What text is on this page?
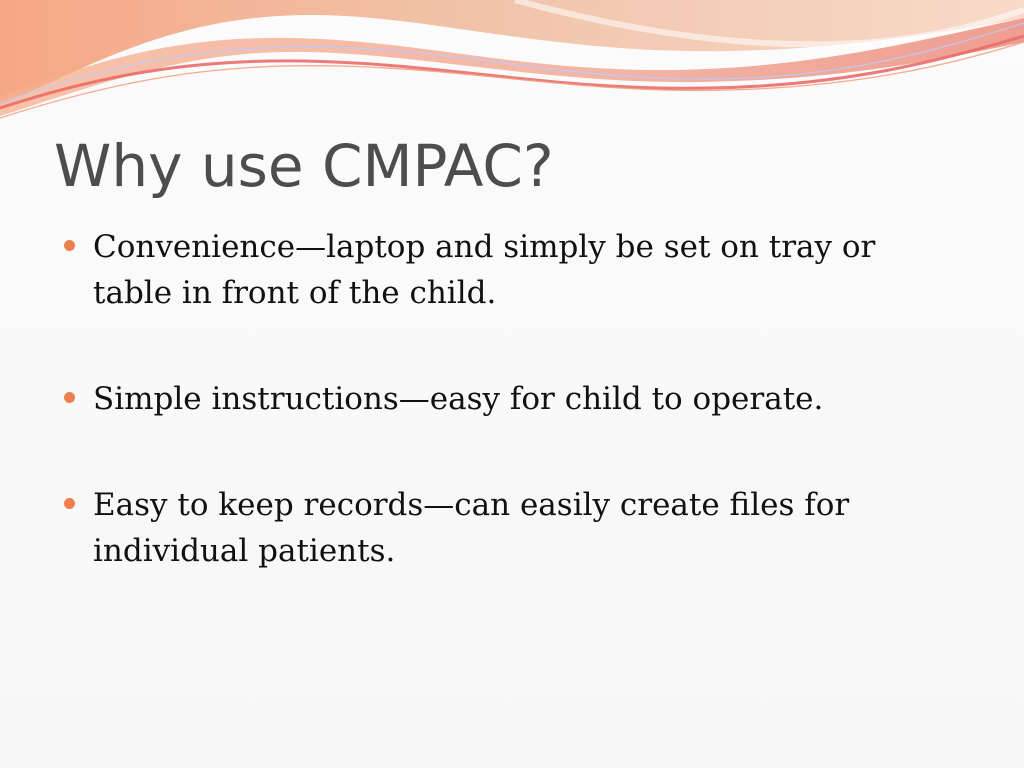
Why use CMPAC?
Convenience—laptop and simply be set on tray or table in front of the child.
Simple instructions—easy for child to operate.
Easy to keep records—can easily create files for individual patients.
